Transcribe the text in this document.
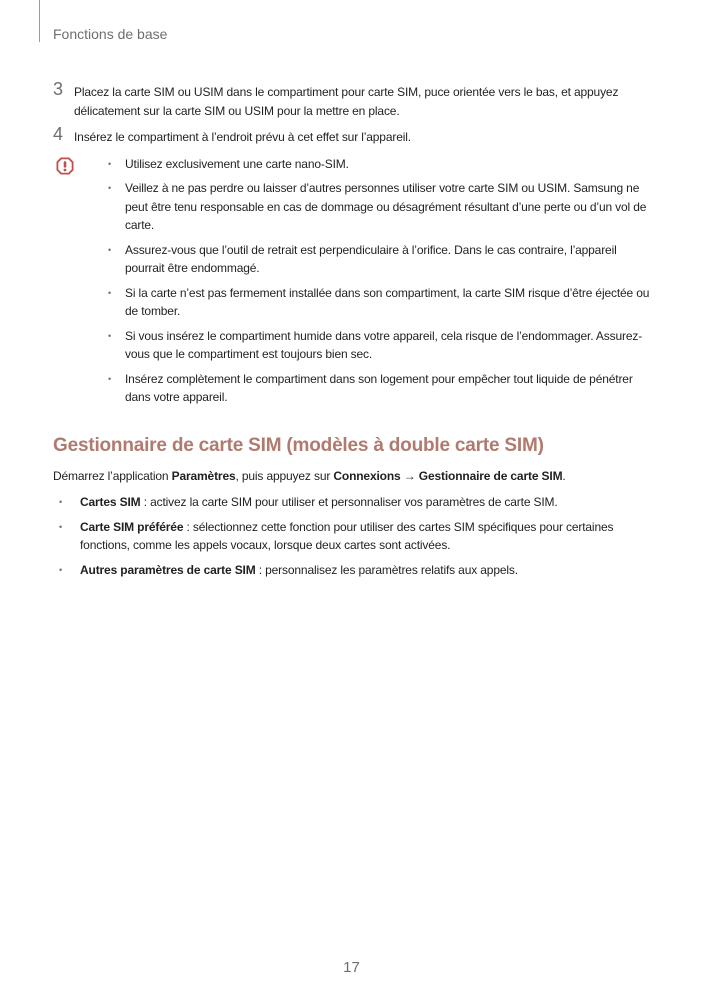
Fonctions de base
3 Placez la carte SIM ou USIM dans le compartiment pour carte SIM, puce orientée vers le bas, et appuyez délicatement sur la carte SIM ou USIM pour la mettre en place.
4 Insérez le compartiment à l’endroit prévu à cet effet sur l’appareil.
• Utilisez exclusivement une carte nano-SIM.
• Veillez à ne pas perdre ou laisser d’autres personnes utiliser votre carte SIM ou USIM. Samsung ne peut être tenu responsable en cas de dommage ou désagrément résultant d’une perte ou d’un vol de carte.
• Assurez-vous que l’outil de retrait est perpendiculaire à l’orifice. Dans le cas contraire, l’appareil pourrait être endommagé.
• Si la carte n’est pas fermement installée dans son compartiment, la carte SIM risque d’être éjectée ou de tomber.
• Si vous insérez le compartiment humide dans votre appareil, cela risque de l’endommager. Assurez-vous que le compartiment est toujours bien sec.
• Insérez complètement le compartiment dans son logement pour empêcher tout liquide de pénétrer dans votre appareil.
Gestionnaire de carte SIM (modèles à double carte SIM)
Démarrez l’application Paramètres, puis appuyez sur Connexions → Gestionnaire de carte SIM.
• Cartes SIM : activez la carte SIM pour utiliser et personnaliser vos paramètres de carte SIM.
• Carte SIM préférée : sélectionnez cette fonction pour utiliser des cartes SIM spécifiques pour certaines fonctions, comme les appels vocaux, lorsque deux cartes sont activées.
• Autres paramètres de carte SIM : personnalisez les paramètres relatifs aux appels.
17
